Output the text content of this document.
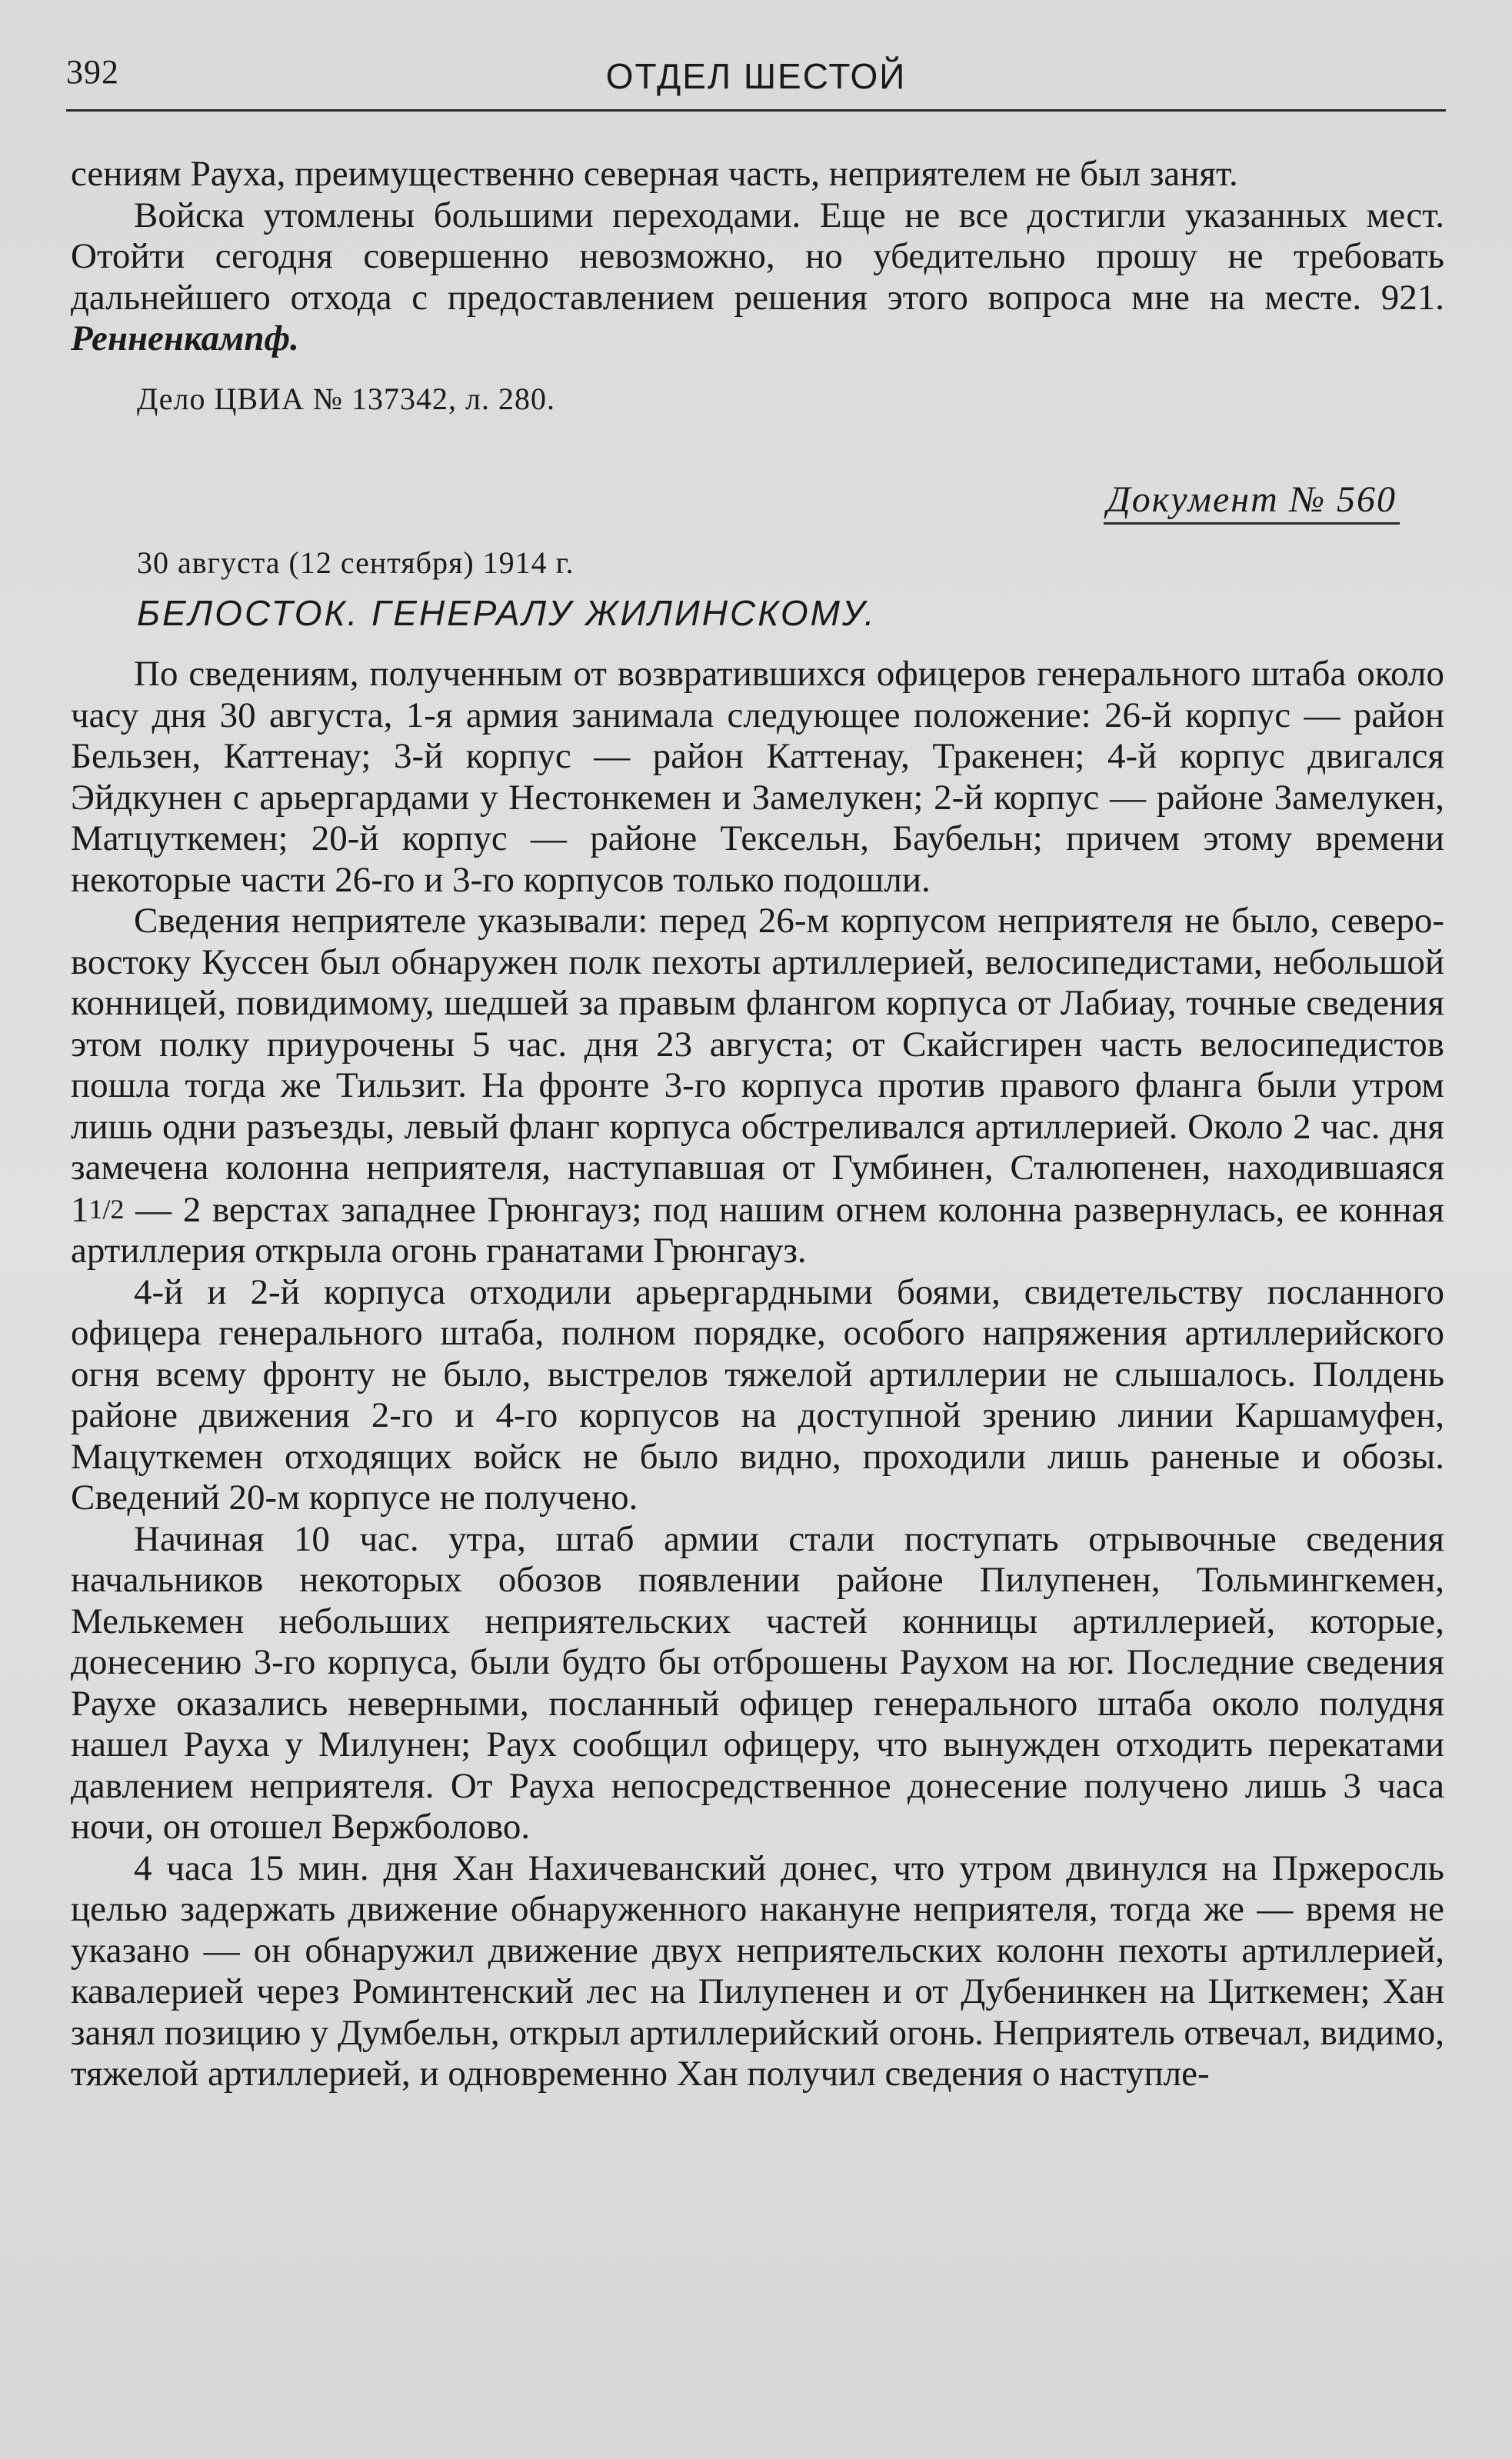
392	ОТДЕЛ ШЕСТОЙ

сениям Рауха, преимущественно северная часть, неприятелем не был занят.

Войска утомлены большими переходами. Еще не все достигли указанных мест. Отойти сегодня совершенно невозможно, но убедительно прошу не требовать дальнейшего отхода с предоставлением решения этого вопроса мне на месте. 921. Ренненкампф.

Дело ЦВИА № 137342, л. 280.

Документ № 560

30 августа (12 сентября) 1914 г.

БЕЛОСТОК. ГЕНЕРАЛУ ЖИЛИНСКОМУ.

По сведениям, полученным от возвратившихся офицеров генерального штаба около часу дня 30 августа, 1-я армия занимала следующее положение: 26-й корпус — район Бельзен, Каттенау; 3-й корпус — район Каттенау, Тракенен; 4-й корпус двигался Эйдкунен с арьергардами у Нестонкемен и Замелукен; 2-й корпус — районе Замелукен, Матцуткемен; 20-й корпус — районе Тексельн, Баубельн; причем этому времени некоторые части 26-го и 3-го корпусов только подошли.

Сведения неприятеле указывали: перед 26-м корпусом неприятеля не было, северо-востоку Куссен был обнаружен полк пехоты артиллерией, велосипедистами, небольшой конницей, повидимому, шедшей за правым флангом корпуса от Лабиау, точные сведения этом полку приурочены 5 час. дня 23 августа; от Скайсгирен часть велосипедистов пошла тогда же Тильзит. На фронте 3-го корпуса против правого фланга были утром лишь одни разъезды, левый фланг корпуса обстреливался артиллерией. Около 2 час. дня замечена колонна неприятеля, наступавшая от Гумбинен, Сталюпенен, находившаяся 11/2 — 2 верстах западнее Грюнгауз; под нашим огнем колонна развернулась, ее конная артиллерия открыла огонь гранатами Грюнгауз.

4-й и 2-й корпуса отходили арьергардными боями, свидетельству посланного офицера генерального штаба, полном порядке, особого напряжения артиллерийского огня всему фронту не было, выстрелов тяжелой артиллерии не слышалось. Полдень районе движения 2-го и 4-го корпусов на доступной зрению линии Каршамуфен, Мацуткемен отходящих войск не было видно, проходили лишь раненые и обозы. Сведений 20-м корпусе не получено.

Начиная 10 час. утра, штаб армии стали поступать отрывочные сведения начальников некоторых обозов появлении районе Пилупенен, Тольмингкемен, Мелькемен небольших неприятельских частей конницы артиллерией, которые, донесению 3-го корпуса, были будто бы отброшены Раухом на юг. Последние сведения Раухе оказались неверными, посланный офицер генерального штаба около полудня нашел Рауха у Милунен; Раух сообщил офицеру, что вынужден отходить перекатами давлением неприятеля. От Рауха непосредственное донесение получено лишь 3 часа ночи, он отошел Вержболово.

4 часа 15 мин. дня Хан Нахичеванский донес, что утром двинулся на Пржеросль целью задержать движение обнаруженного накануне неприятеля, тогда же — время не указано — он обнаружил движение двух неприятельских колонн пехоты артиллерией, кавалерией через Роминтенский лес на Пилупенен и от Дубенинкен на Циткемен; Хан занял позицию у Думбельн, открыл артиллерийский огонь. Неприятель отвечал, видимо, тяжелой артиллерией, и одновременно Хан получил сведения о наступле-
